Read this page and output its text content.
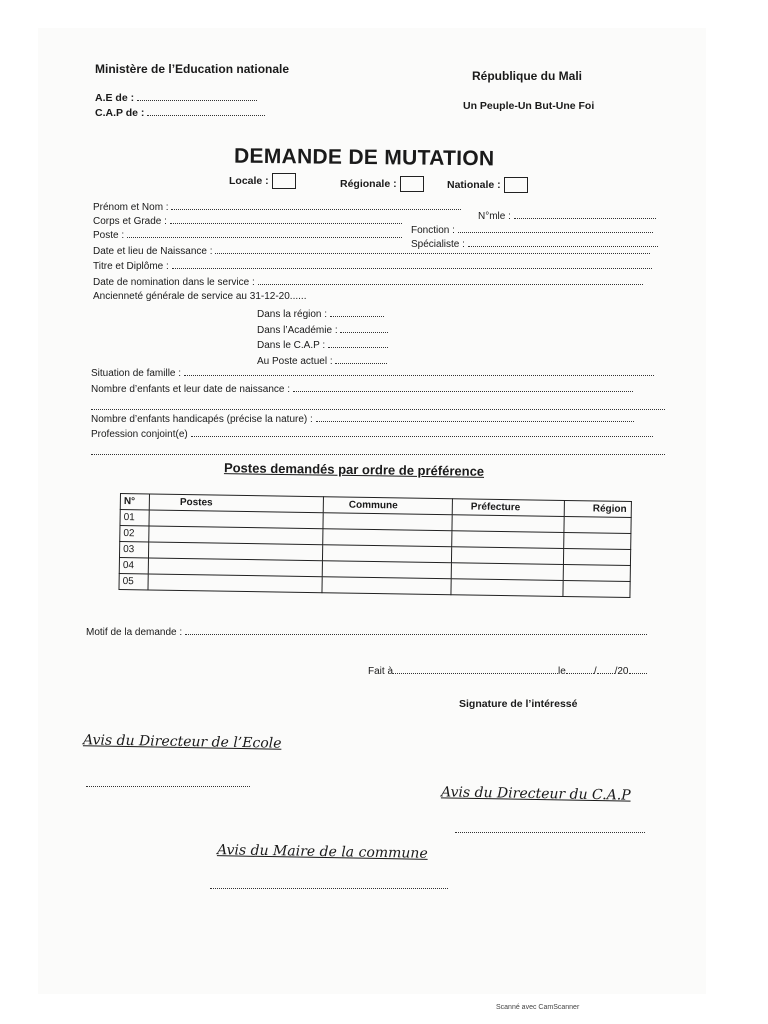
Ministère de l’Education nationale
A.E de :
C.A.P de :
République du Mali
Un Peuple-Un But-Une Foi
DEMANDE DE MUTATION
Locale :	Régionale :	Nationale :
Prénom et Nom :
N°mle :
Corps et Grade :
Fonction :
Poste :
Spécialiste :
Date et lieu de Naissance :
Titre et Diplôme :
Date de nomination dans le service :
Ancienneté générale de service au 31-12-20......
Dans la région :
Dans l’Académie :
Dans le C.A.P :
Au Poste actuel :
Situation de famille :
Nombre d’enfants et leur date de naissance :
Nombre d’enfants handicapés (précise la nature) :
Profession conjoint(e)
Postes demandés par ordre de préférence
N°	Postes	Commune	Préfecture	Région
01				
02				
03				
04				
05				
Motif de la demande :
Fait à	le	/ /20
Signature de l’intéressé
Avis du Directeur de l’Ecole
Avis du Directeur du C.A.P
Avis du Maire de la commune
Scanné avec CamScanner
